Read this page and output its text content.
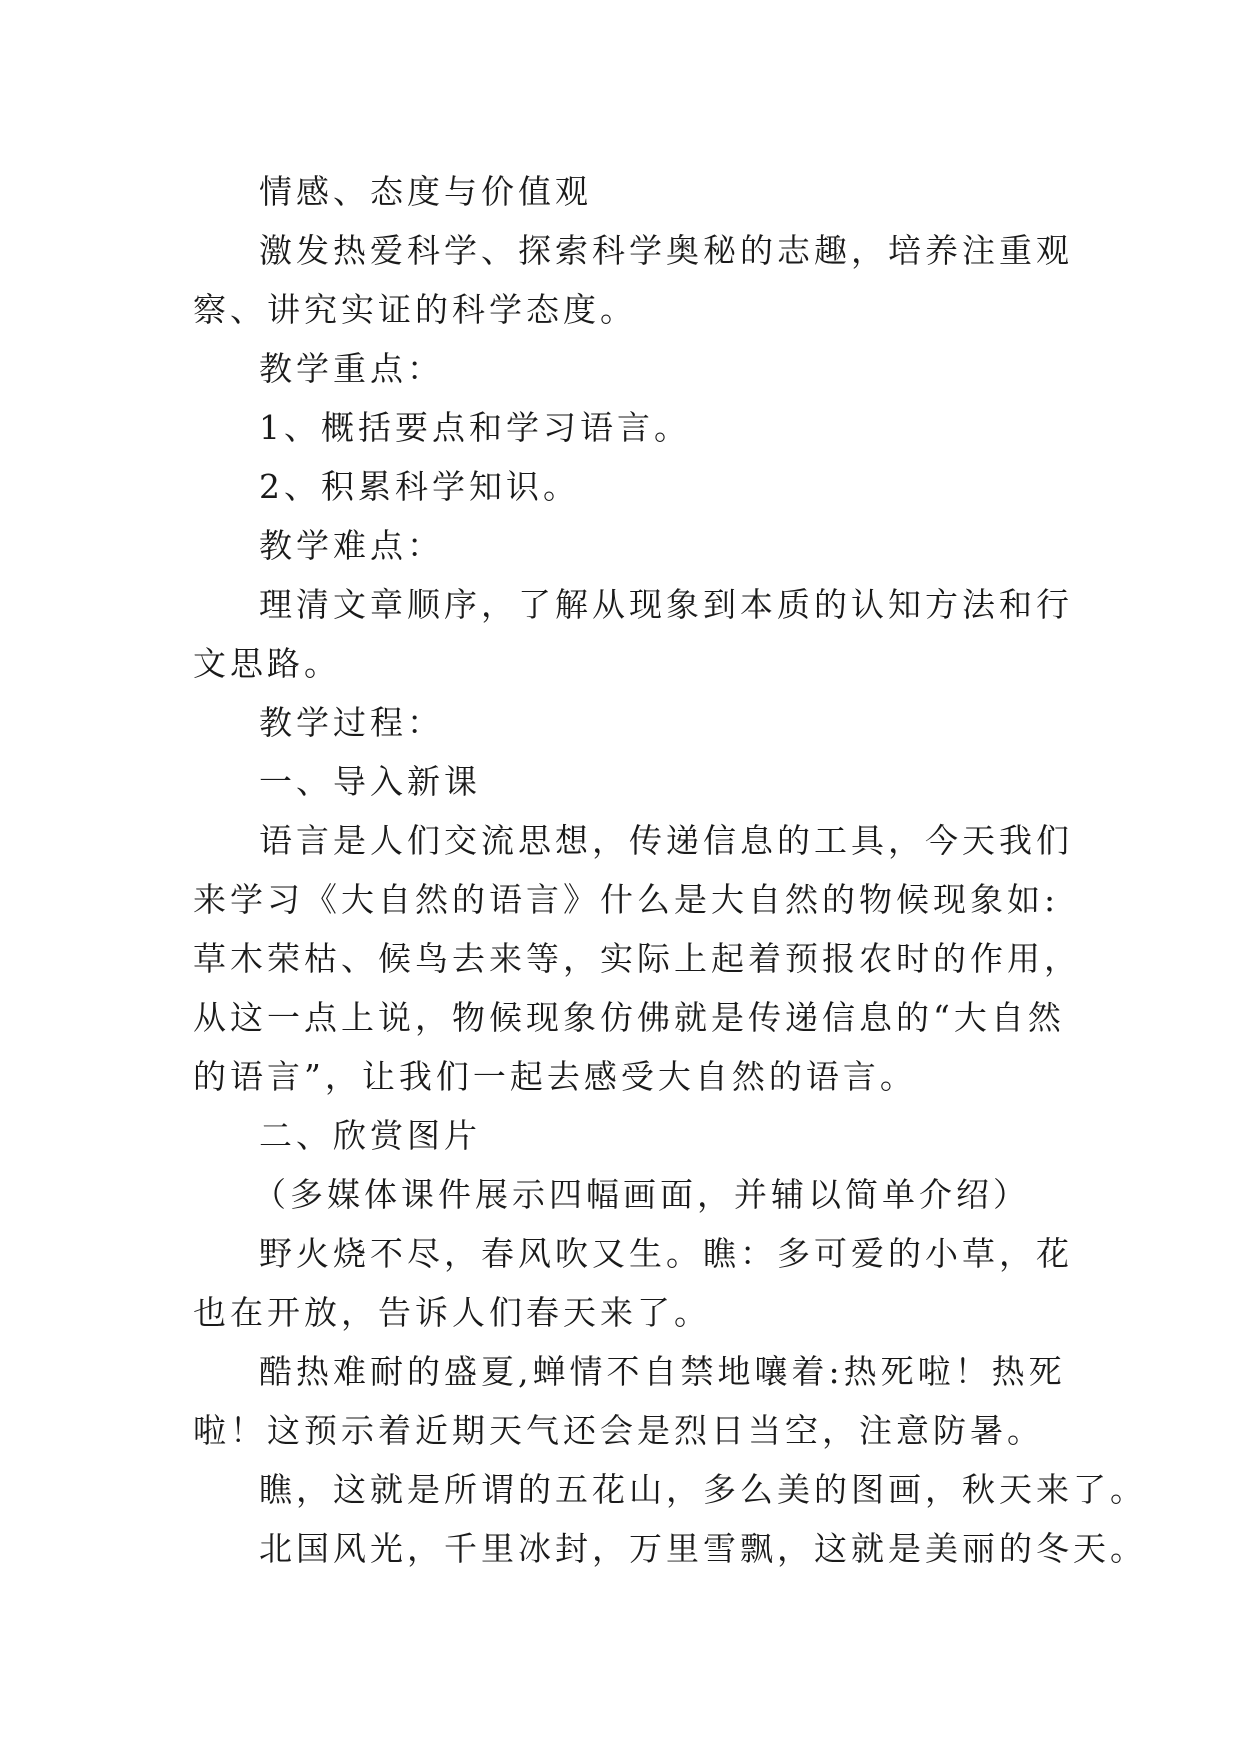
情感、态度与价值观

激发热爱科学、探索科学奥秘的志趣，培养注重观察、讲究实证的科学态度。

教学重点：

1、概括要点和学习语言。

2、积累科学知识。

教学难点：

理清文章顺序，了解从现象到本质的认知方法和行文思路。

教学过程：

一、导入新课

语言是人们交流思想，传递信息的工具，今天我们来学习《大自然的语言》什么是大自然的物候现象如:草木荣枯、候鸟去来等，实际上起着预报农时的作用，从这一点上说，物候现象仿佛就是传递信息的“大自然的语言”，让我们一起去感受大自然的语言。

二、欣赏图片

（多媒体课件展示四幅画面，并辅以简单介绍）

野火烧不尽，春风吹又生。瞧：多可爱的小草，花也在开放，告诉人们春天来了。

酷热难耐的盛夏,蝉情不自禁地嚷着:热死啦！热死啦！这预示着近期天气还会是烈日当空，注意防暑。

瞧，这就是所谓的五花山，多么美的图画，秋天来了。

北国风光，千里冰封，万里雪飘，这就是美丽的冬天。
